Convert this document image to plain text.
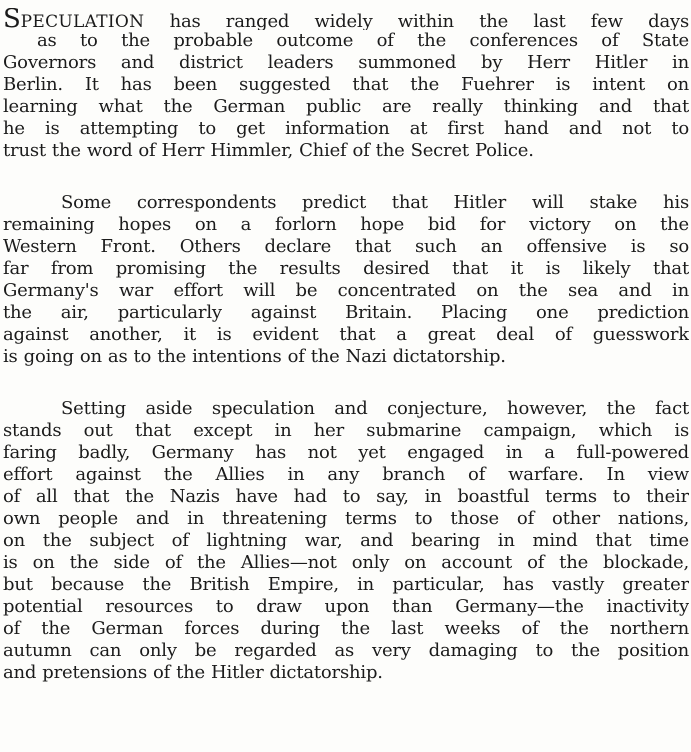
SPECULATION has ranged widely within the last few days
as to the probable outcome of the conferences of State
Governors and district leaders summoned by Herr Hitler in
Berlin. It has been suggested that the Fuehrer is intent on
learning what the German public are really thinking and that
he is attempting to get information at first hand and not to
trust the word of Herr Himmler, Chief of the Secret Police.

Some correspondents predict that Hitler will stake his
remaining hopes on a forlorn hope bid for victory on the
Western Front. Others declare that such an offensive is so
far from promising the results desired that it is likely that
Germany's war effort will be concentrated on the sea and in
the air, particularly against Britain. Placing one prediction
against another, it is evident that a great deal of guesswork
is going on as to the intentions of the Nazi dictatorship.

Setting aside speculation and conjecture, however, the fact
stands out that except in her submarine campaign, which is
faring badly, Germany has not yet engaged in a full-powered
effort against the Allies in any branch of warfare. In view
of all that the Nazis have had to say, in boastful terms to their
own people and in threatening terms to those of other nations,
on the subject of lightning war, and bearing in mind that time
is on the side of the Allies—not only on account of the blockade,
but because the British Empire, in particular, has vastly greater
potential resources to draw upon than Germany—the inactivity
of the German forces during the last weeks of the northern
autumn can only be regarded as very damaging to the position
and pretensions of the Hitler dictatorship.
